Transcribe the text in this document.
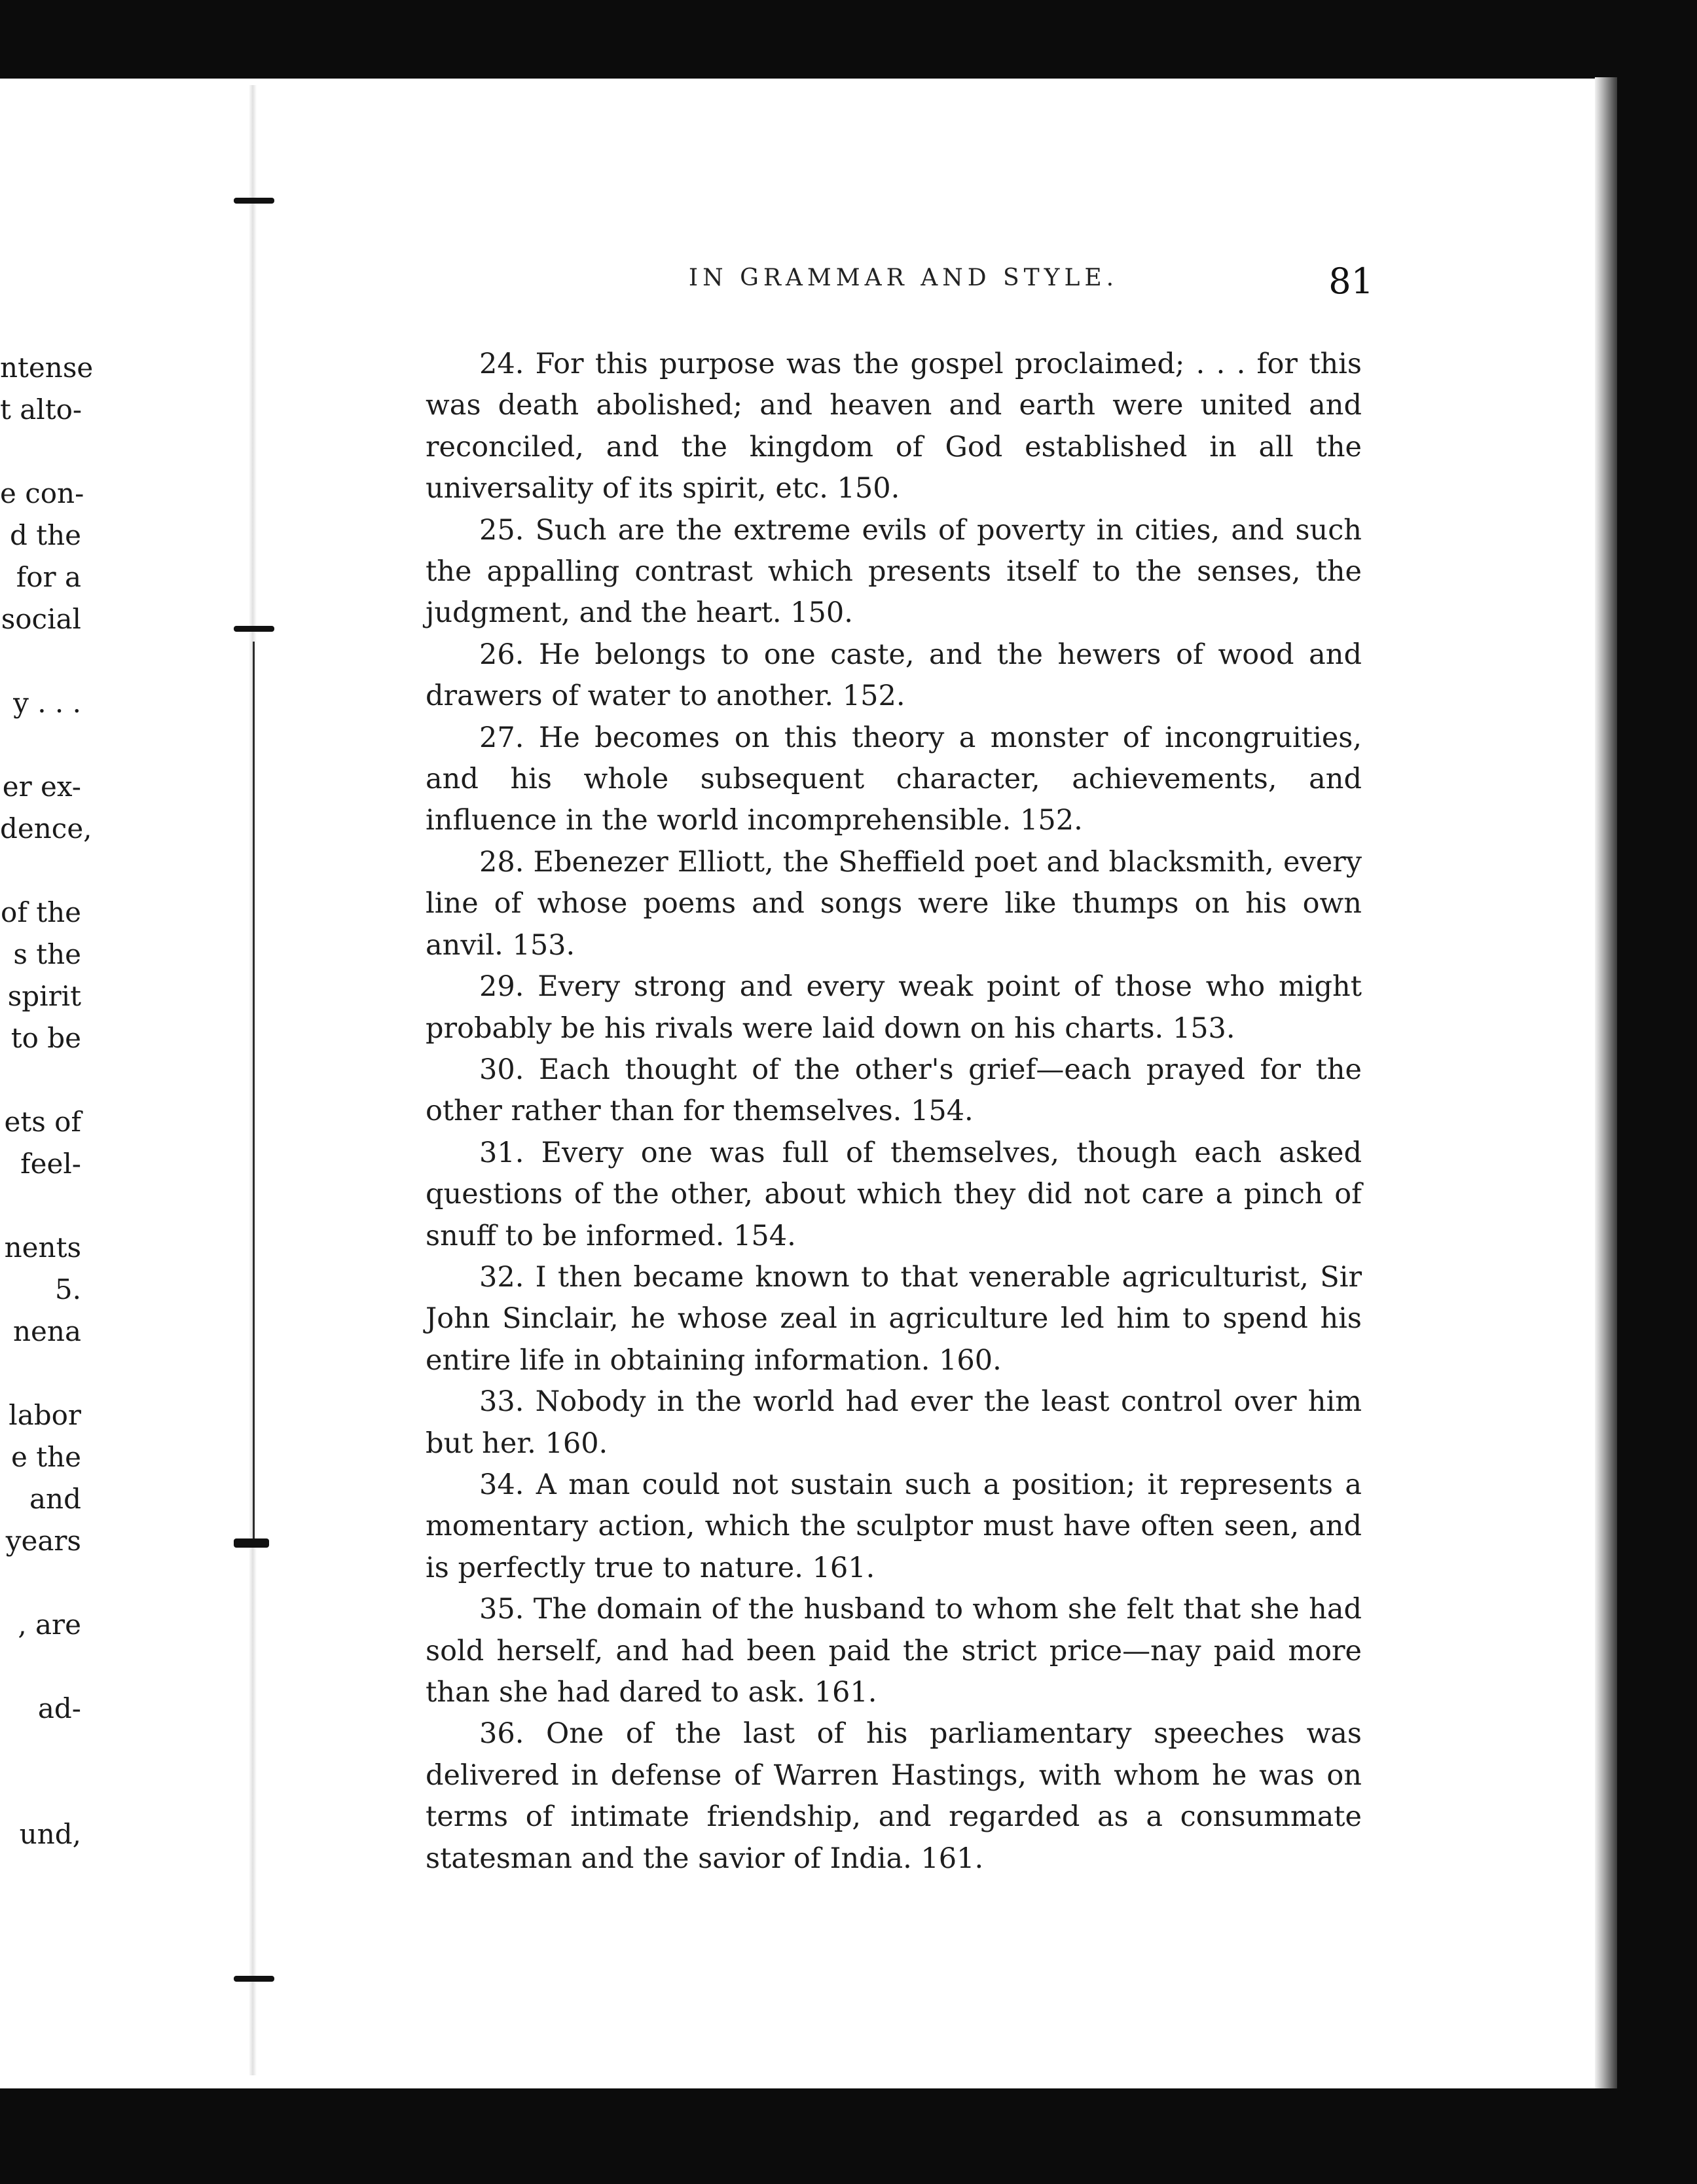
ntense
t alto-
e con-
d the
for a
social
y . . .
er ex-
dence,
of the
s the
spirit
to be
ets of
feel-
nents
5.
nena
labor
e the
and
years
, are
ad-
und,
IN GRAMMAR AND STYLE.	81

24. For this purpose was the gospel proclaimed; . . . for this was death abolished; and heaven and earth were united and reconciled, and the kingdom of God established in all the universality of its spirit, etc. 150.

25. Such are the extreme evils of poverty in cities, and such the appalling contrast which presents itself to the senses, the judgment, and the heart. 150.

26. He belongs to one caste, and the hewers of wood and drawers of water to another. 152.

27. He becomes on this theory a monster of incongruities, and his whole subsequent character, achievements, and influence in the world incomprehensible. 152.

28. Ebenezer Elliott, the Sheffield poet and blacksmith, every line of whose poems and songs were like thumps on his own anvil. 153.

29. Every strong and every weak point of those who might probably be his rivals were laid down on his charts. 153.

30. Each thought of the other's grief—each prayed for the other rather than for themselves. 154.

31. Every one was full of themselves, though each asked questions of the other, about which they did not care a pinch of snuff to be informed. 154.

32. I then became known to that venerable agriculturist, Sir John Sinclair, he whose zeal in agriculture led him to spend his entire life in obtaining information. 160.

33. Nobody in the world had ever the least control over him but her. 160.

34. A man could not sustain such a position; it represents a momentary action, which the sculptor must have often seen, and is perfectly true to nature. 161.

35. The domain of the husband to whom she felt that she had sold herself, and had been paid the strict price—nay paid more than she had dared to ask. 161.

36. One of the last of his parliamentary speeches was delivered in defense of Warren Hastings, with whom he was on terms of intimate friendship, and regarded as a consummate statesman and the savior of India. 161.
